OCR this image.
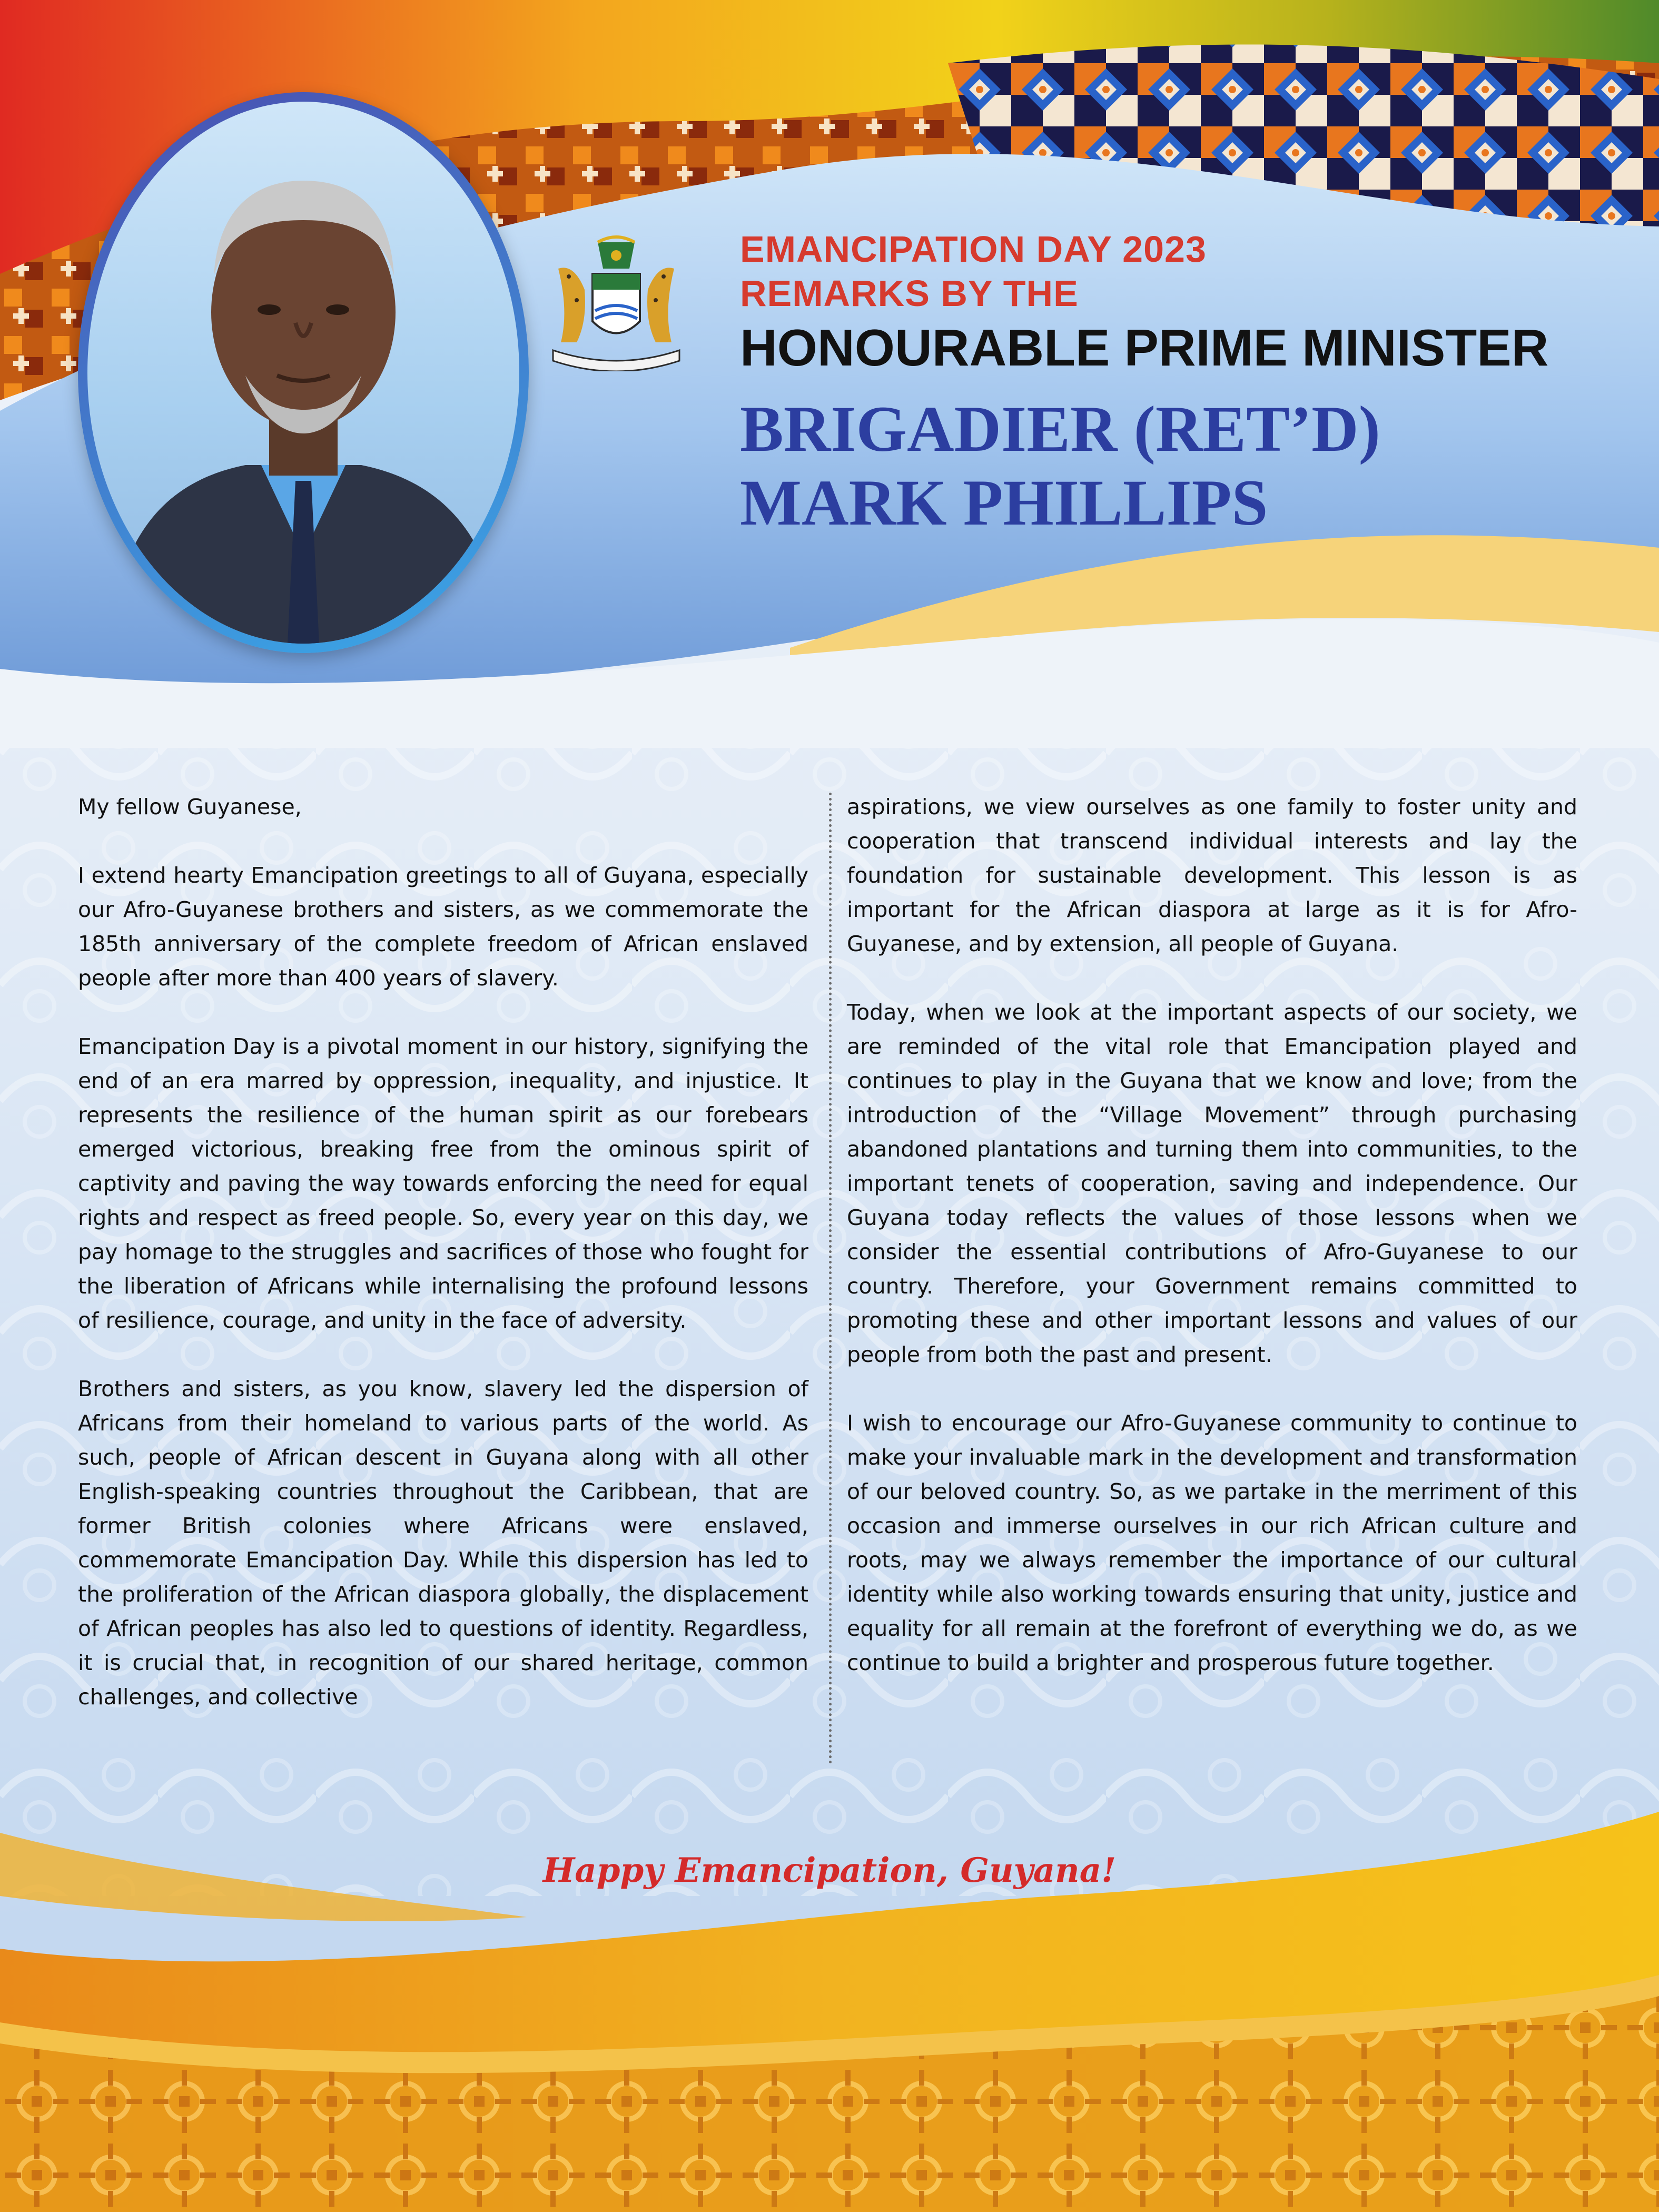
EMANCIPATION DAY 2023
REMARKS BY THE
HONOURABLE PRIME MINISTER
BRIGADIER (RET’D)
MARK PHILLIPS

My fellow Guyanese,

I extend hearty Emancipation greetings to all of Guyana, especially our Afro-Guyanese brothers and sisters, as we commemorate the 185th anniversary of the complete freedom of African enslaved people after more than 400 years of slavery.

Emancipation Day is a pivotal moment in our history, signifying the end of an era marred by oppression, inequality, and injustice. It represents the resilience of the human spirit as our forebears emerged victorious, breaking free from the ominous spirit of captivity and paving the way towards enforcing the need for equal rights and respect as freed people. So, every year on this day, we pay homage to the struggles and sacrifices of those who fought for the liberation of Africans while internalising the profound lessons of resilience, courage, and unity in the face of adversity.

Brothers and sisters, as you know, slavery led the dispersion of Africans from their homeland to various parts of the world. As such, people of African descent in Guyana along with all other English-speaking countries throughout the Caribbean, that are former British colonies where Africans were enslaved, commemorate Emancipation Day. While this dispersion has led to the proliferation of the African diaspora globally, the displacement of African peoples has also led to questions of identity. Regardless, it is crucial that, in recognition of our shared heritage, common challenges, and collective

aspirations, we view ourselves as one family to foster unity and cooperation that transcend individual interests and lay the foundation for sustainable development. This lesson is as important for the African diaspora at large as it is for Afro-Guyanese, and by extension, all people of Guyana.

Today, when we look at the important aspects of our society, we are reminded of the vital role that Emancipation played and continues to play in the Guyana that we know and love; from the introduction of the “Village Movement” through purchasing abandoned plantations and turning them into communities, to the important tenets of cooperation, saving and independence. Our Guyana today reflects the values of those lessons when we consider the essential contributions of Afro-Guyanese to our country. Therefore, your Government remains committed to promoting these and other important lessons and values of our people from both the past and present.

I wish to encourage our Afro-Guyanese community to continue to make your invaluable mark in the development and transformation of our beloved country. So, as we partake in the merriment of this occasion and immerse ourselves in our rich African culture and roots, may we always remember the importance of our cultural identity while also working towards ensuring that unity, justice and equality for all remain at the forefront of everything we do, as we continue to build a brighter and prosperous future together.

Happy Emancipation, Guyana!
